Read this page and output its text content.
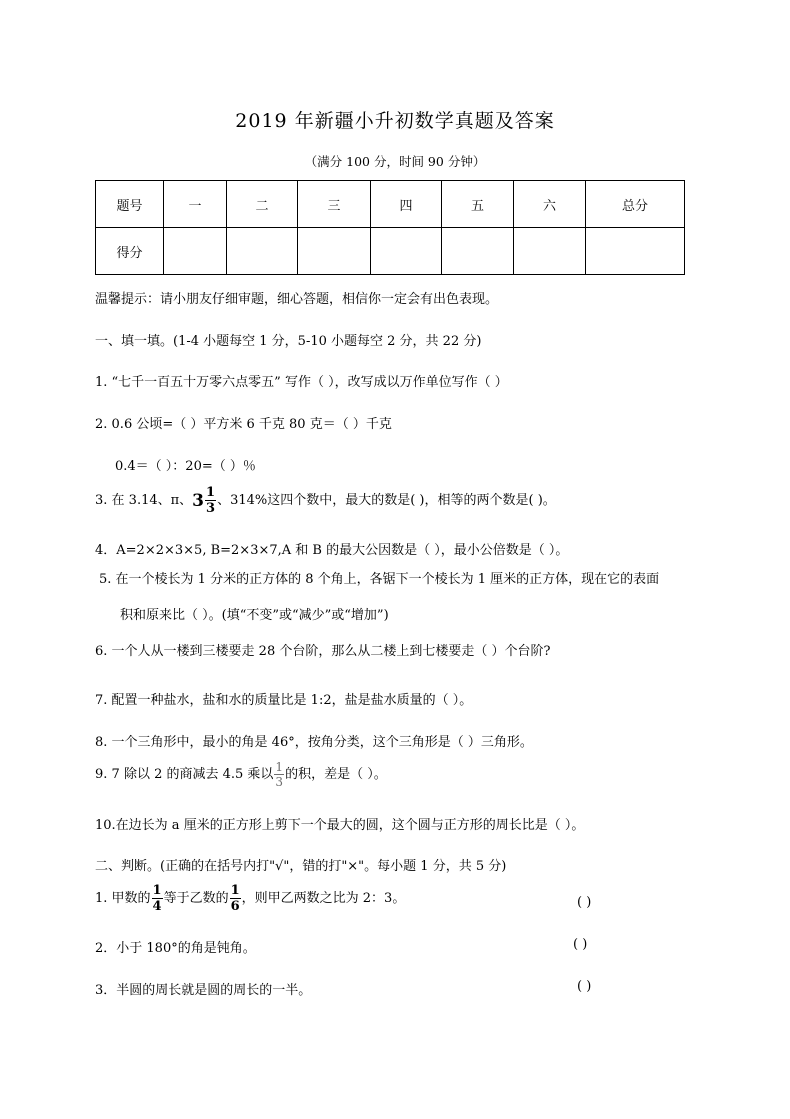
2019 年新疆小升初数学真题及答案
（满分 100 分，时间 90 分钟）
题号	一	二	三	四	五	六	总分
得分							
温馨提示：请小朋友仔细审题，细心答题，相信你一定会有出色表现。
一、填一填。(1-4 小题每空 1 分，5-10 小题每空 2 分，共 22 分)
1. “七千一百五十万零六点零五” 写作（ ），改写成以万作单位写作（ ）
2. 0.6 公顷=（ ）平方米 6 千克 80 克＝（ ）千克
0.4＝（ ）：20=（ ）％
3. 在 3.14、π、 $3 \frac{1}{3}$ 、314%这四个数中，最大的数是( )，相等的两个数是( )。
4．A=2×2×3×5, B=2×3×7,A 和 B 的最大公因数是（ ），最小公倍数是（ ）。
5. 在一个棱长为 1 分米的正方体的 8 个角上，各锯下一个棱长为 1 厘米的正方体，现在它的表面
积和原来比（ ）。(填“不变”或“减少”或“增加”)
6. 一个人从一楼到三楼要走 28 个台阶，那么从二楼上到七楼要走（ ）个台阶?
7. 配置一种盐水，盐和水的质量比是 1:2，盐是盐水质量的（ ）。
8. 一个三角形中，最小的角是 46°，按角分类，这个三角形是（ ）三角形。
9. 7 除以 2 的商减去 4.5 乘以 $\frac{1}{3}$ 的积，差是（ ）。
10.在边长为 a 厘米的正方形上剪下一个最大的圆，这个圆与正方形的周长比是（ ）。
二、判断。(正确的在括号内打"√"，错的打"×"。每小题 1 分，共 5 分)
1. 甲数的 $\frac{1}{4}$ 等于乙数的 $\frac{1}{6}$ ，则甲乙两数之比为 2：3。	( )
2．小于 180°的角是钝角。	( )
3．半圆的周长就是圆的周长的一半。	( )
